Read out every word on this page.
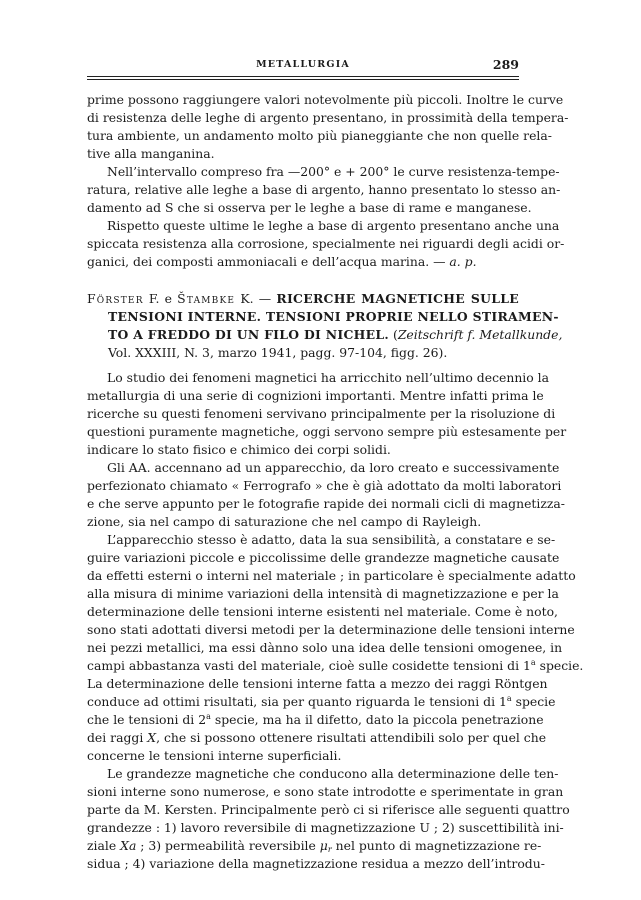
METALLURGIA	289
prime possono raggiungere valori notevolmente più piccoli. Inoltre le curve
di resistenza delle leghe di argento presentano, in prossimità della tempera-
tura ambiente, un andamento molto più pianeggiante che non quelle rela-
tive alla manganina.
Nell’intervallo compreso fra —200° e + 200° le curve resistenza-tempe-
ratura, relative alle leghe a base di argento, hanno presentato lo stesso an-
damento ad S che si osserva per le leghe a base di rame e manganese.
Rispetto queste ultime le leghe a base di argento presentano anche una
spiccata resistenza alla corrosione, specialmente nei riguardi degli acidi or-
ganici, dei composti ammoniacali e dell’acqua marina. — a. p.
Förster F. e Štambke K. — RICERCHE MAGNETICHE SULLE
TENSIONI INTERNE. TENSIONI PROPRIE NELLO STIRAMEN-
TO A FREDDO DI UN FILO DI NICHEL. (Zeitschrift f. Metallkunde,
Vol. XXXIII, N. 3, marzo 1941, pagg. 97-104, figg. 26).
Lo studio dei fenomeni magnetici ha arricchito nell’ultimo decennio la
metallurgia di una serie di cognizioni importanti. Mentre infatti prima le
ricerche su questi fenomeni servivano principalmente per la risoluzione di
questioni puramente magnetiche, oggi servono sempre più estesamente per
indicare lo stato fisico e chimico dei corpi solidi.
Gli AA. accennano ad un apparecchio, da loro creato e successivamente
perfezionato chiamato « Ferrografo » che è già adottato da molti laboratori
e che serve appunto per le fotografie rapide dei normali cicli di magnetizza-
zione, sia nel campo di saturazione che nel campo di Rayleigh.
L’apparecchio stesso è adatto, data la sua sensibilità, a constatare e se-
guire variazioni piccole e piccolissime delle grandezze magnetiche causate
da effetti esterni o interni nel materiale ; in particolare è specialmente adatto
alla misura di minime variazioni della intensità di magnetizzazione e per la
determinazione delle tensioni interne esistenti nel materiale. Come è noto,
sono stati adottati diversi metodi per la determinazione delle tensioni interne
nei pezzi metallici, ma essi dànno solo una idea delle tensioni omogenee, in
campi abbastanza vasti del materiale, cioè sulle cosidette tensioni di 1$^a$ specie.
La determinazione delle tensioni interne fatta a mezzo dei raggi Röntgen
conduce ad ottimi risultati, sia per quanto riguarda le tensioni di 1$^a$ specie
che le tensioni di 2$^a$ specie, ma ha il difetto, dato la piccola penetrazione
dei raggi X, che si possono ottenere risultati attendibili solo per quel che
concerne le tensioni interne superficiali.
Le grandezze magnetiche che conducono alla determinazione delle ten-
sioni interne sono numerose, e sono state introdotte e sperimentate in gran
parte da M. Kersten. Principalmente però ci si riferisce alle seguenti quattro
grandezze : 1) lavoro reversibile di magnetizzazione U ; 2) suscettibilità ini-
ziale Xa ; 3) permeabilità reversibile $\mu_r$ nel punto di magnetizzazione re-
sidua ; 4) variazione della magnetizzazione residua a mezzo dell’introdu-
